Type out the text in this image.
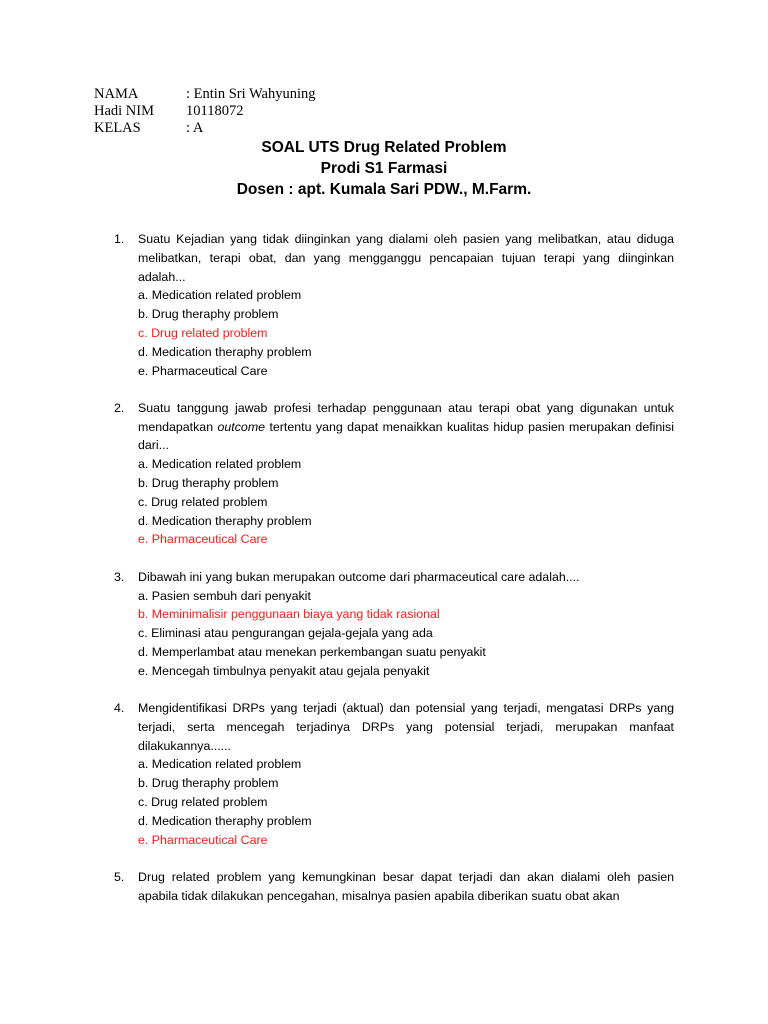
NAMA	: Entin Sri Wahyuning
Hadi NIM	10118072
KELAS	: A
SOAL UTS Drug Related Problem
Prodi S1 Farmasi
Dosen : apt. Kumala Sari PDW., M.Farm.
1. Suatu Kejadian yang tidak diinginkan yang dialami oleh pasien yang melibatkan, atau diduga melibatkan, terapi obat, dan yang mengganggu pencapaian tujuan terapi yang diinginkan adalah...
a. Medication related problem
b. Drug theraphy problem
c. Drug related problem
d. Medication theraphy problem
e. Pharmaceutical Care
2. Suatu tanggung jawab profesi terhadap penggunaan atau terapi obat yang digunakan untuk mendapatkan outcome tertentu yang dapat menaikkan kualitas hidup pasien merupakan definisi dari...
a. Medication related problem
b. Drug theraphy problem
c. Drug related problem
d. Medication theraphy problem
e. Pharmaceutical Care
3. Dibawah ini yang bukan merupakan outcome dari pharmaceutical care adalah....
a. Pasien sembuh dari penyakit
b. Meminimalisir penggunaan biaya yang tidak rasional
c. Eliminasi atau pengurangan gejala-gejala yang ada
d. Memperlambat atau menekan perkembangan suatu penyakit
e. Mencegah timbulnya penyakit atau gejala penyakit
4. Mengidentifikasi DRPs yang terjadi (aktual) dan potensial yang terjadi, mengatasi DRPs yang terjadi, serta mencegah terjadinya DRPs yang potensial terjadi, merupakan manfaat dilakukannya......
a. Medication related problem
b. Drug theraphy problem
c. Drug related problem
d. Medication theraphy problem
e. Pharmaceutical Care
5. Drug related problem yang kemungkinan besar dapat terjadi dan akan dialami oleh pasien apabila tidak dilakukan pencegahan, misalnya pasien apabila diberikan suatu obat akan
